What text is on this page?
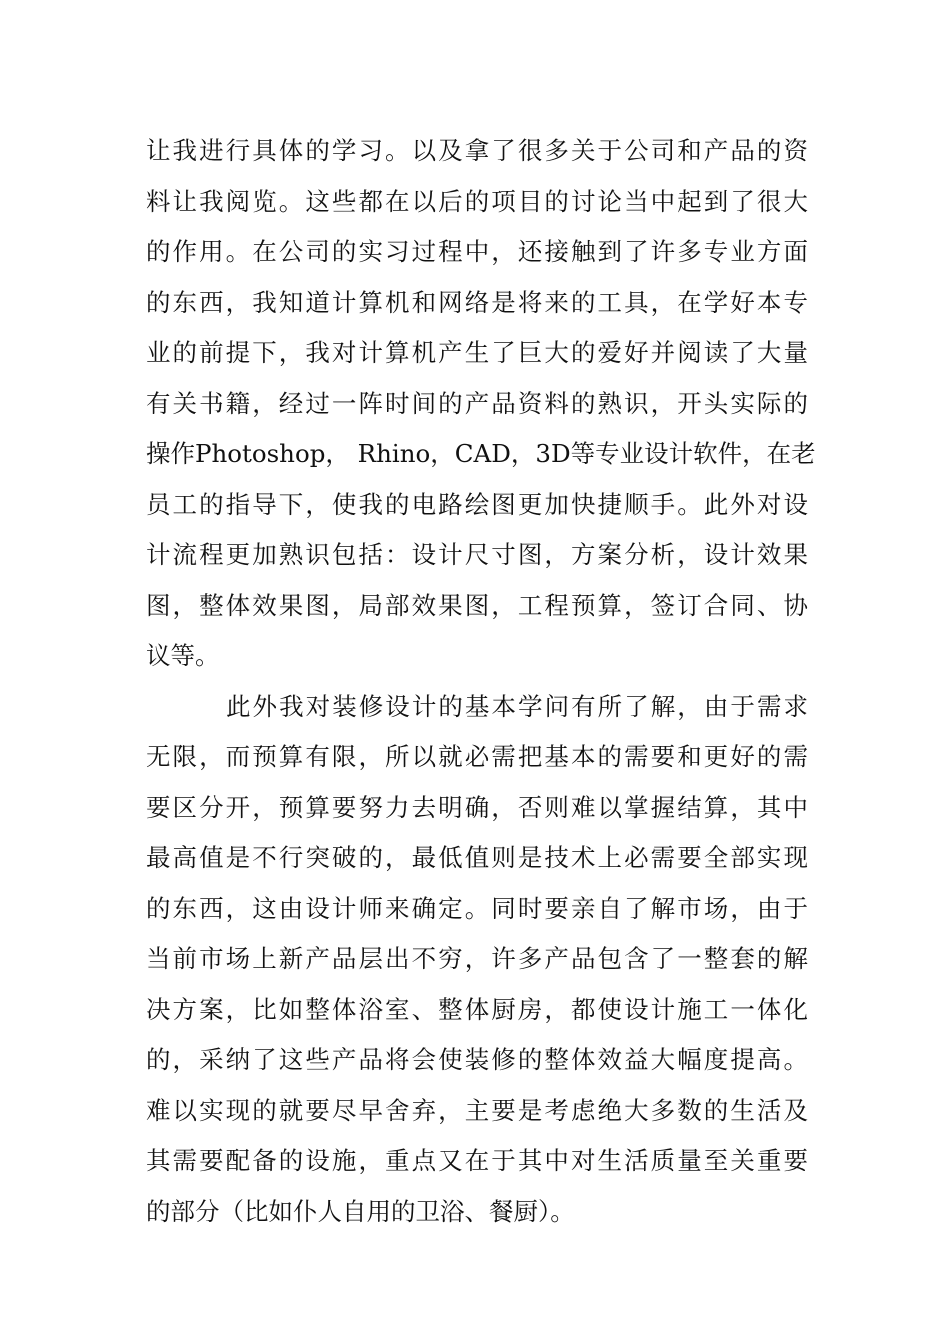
让我进行具体的学习。以及拿了很多关于公司和产品的资
料让我阅览。这些都在以后的项目的讨论当中起到了很大
的作用。在公司的实习过程中，还接触到了许多专业方面
的东西，我知道计算机和网络是将来的工具，在学好本专
业的前提下，我对计算机产生了巨大的爱好并阅读了大量
有关书籍，经过一阵时间的产品资料的熟识，开头实际的
操作Photoshop， Rhino，CAD，3D等专业设计软件，在老
员工的指导下，使我的电路绘图更加快捷顺手。此外对设
计流程更加熟识包括：设计尺寸图，方案分析，设计效果
图，整体效果图，局部效果图，工程预算，签订合同、协
议等。
此外我对装修设计的基本学问有所了解，由于需求
无限，而预算有限，所以就必需把基本的需要和更好的需
要区分开，预算要努力去明确，否则难以掌握结算，其中
最高值是不行突破的，最低值则是技术上必需要全部实现
的东西，这由设计师来确定。同时要亲自了解市场，由于
当前市场上新产品层出不穷，许多产品包含了一整套的解
决方案，比如整体浴室、整体厨房，都使设计施工一体化
的，采纳了这些产品将会使装修的整体效益大幅度提高。
难以实现的就要尽早舍弃，主要是考虑绝大多数的生活及
其需要配备的设施，重点又在于其中对生活质量至关重要
的部分（比如仆人自用的卫浴、餐厨）。
